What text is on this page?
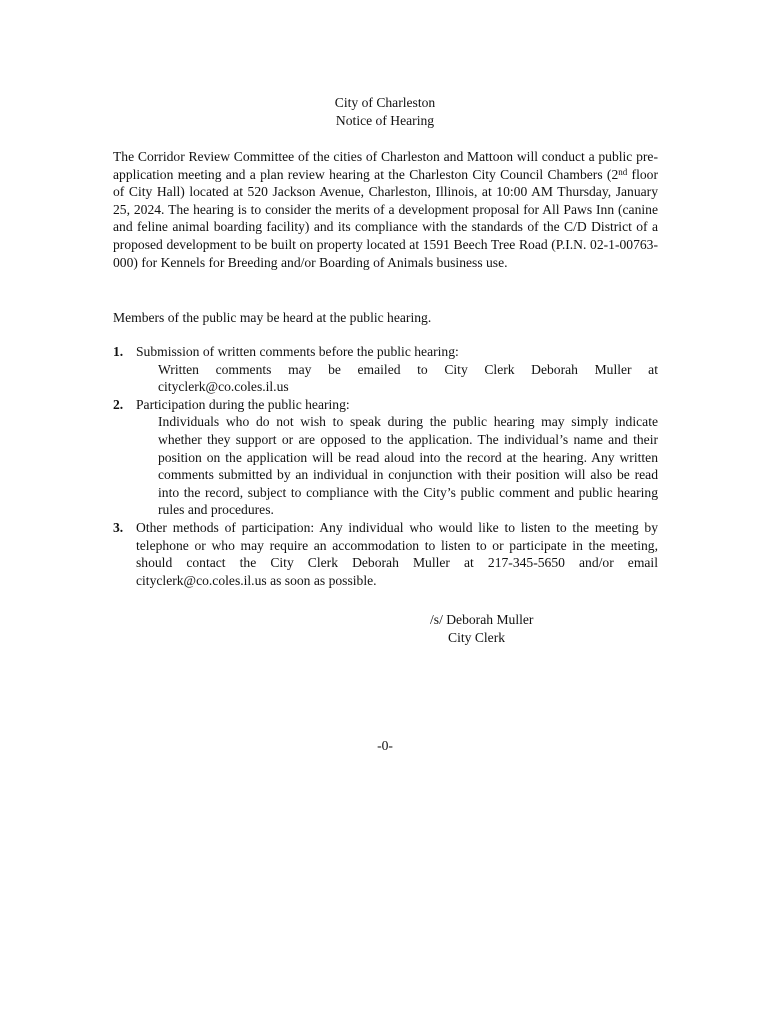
City of Charleston
Notice of Hearing
The Corridor Review Committee of the cities of Charleston and Mattoon will conduct a public pre-application meeting and a plan review hearing at the Charleston City Council Chambers (2nd floor of City Hall) located at 520 Jackson Avenue, Charleston, Illinois, at 10:00 AM Thursday, January 25, 2024. The hearing is to consider the merits of a development proposal for All Paws Inn (canine and feline animal boarding facility) and its compliance with the standards of the C/D District of a proposed development to be built on property located at 1591 Beech Tree Road (P.I.N. 02-1-00763-000) for Kennels for Breeding and/or Boarding of Animals business use.
Members of the public may be heard at the public hearing.
1. Submission of written comments before the public hearing:
Written comments may be emailed to City Clerk Deborah Muller at cityclerk@co.coles.il.us
2. Participation during the public hearing:
Individuals who do not wish to speak during the public hearing may simply indicate whether they support or are opposed to the application. The individual’s name and their position on the application will be read aloud into the record at the hearing. Any written comments submitted by an individual in conjunction with their position will also be read into the record, subject to compliance with the City’s public comment and public hearing rules and procedures.
3. Other methods of participation: Any individual who would like to listen to the meeting by telephone or who may require an accommodation to listen to or participate in the meeting, should contact the City Clerk Deborah Muller at 217-345-5650 and/or email cityclerk@co.coles.il.us as soon as possible.
/s/ Deborah Muller
City Clerk
-0-
